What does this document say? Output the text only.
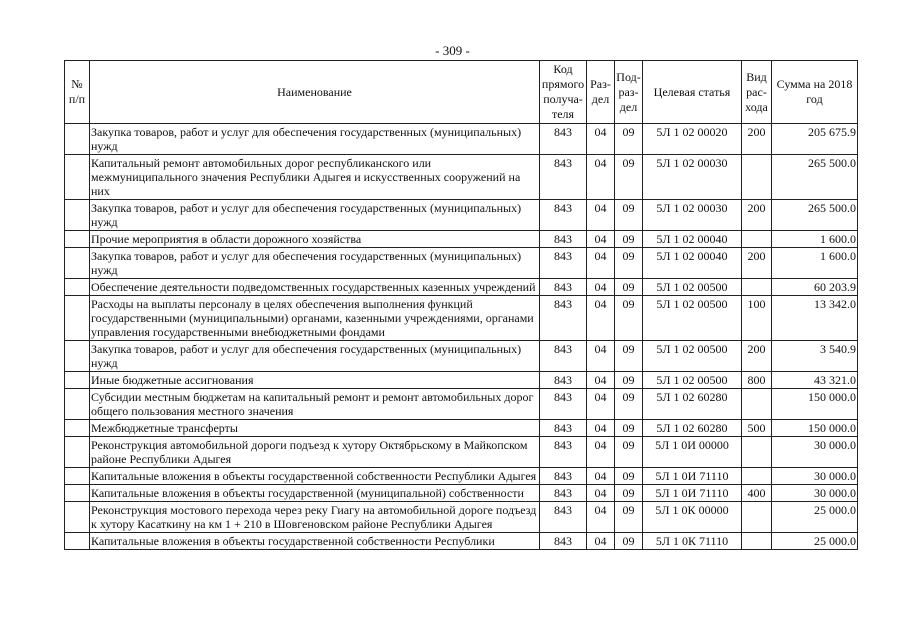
- 309 -
№ п/п	Наименование	Код прямого получа- теля	Раз- дел	Под- раз- дел	Целевая статья	Вид рас- хода	Сумма на 2018 год
	Закупка товаров, работ и услуг для обеспечения государственных (муниципальных) нужд	843	04	09	5Л 1 02 00020	200	205 675.9
	Капитальный ремонт автомобильных дорог республиканского или межмуниципального значения Республики Адыгея и искусственных сооружений на них	843	04	09	5Л 1 02 00030		265 500.0
	Закупка товаров, работ и услуг для обеспечения государственных (муниципальных) нужд	843	04	09	5Л 1 02 00030	200	265 500.0
	Прочие мероприятия в области дорожного хозяйства	843	04	09	5Л 1 02 00040		1 600.0
	Закупка товаров, работ и услуг для обеспечения государственных (муниципальных) нужд	843	04	09	5Л 1 02 00040	200	1 600.0
	Обеспечение деятельности подведомственных государственных казенных учреждений	843	04	09	5Л 1 02 00500		60 203.9
	Расходы на выплаты персоналу в целях обеспечения выполнения функций государственными (муниципальными) органами, казенными учреждениями, органами управления государственными внебюджетными фондами	843	04	09	5Л 1 02 00500	100	13 342.0
	Закупка товаров, работ и услуг для обеспечения государственных (муниципальных) нужд	843	04	09	5Л 1 02 00500	200	3 540.9
	Иные бюджетные ассигнования	843	04	09	5Л 1 02 00500	800	43 321.0
	Субсидии местным бюджетам на капитальный ремонт и ремонт автомобильных дорог общего пользования местного значения	843	04	09	5Л 1 02 60280		150 000.0
	Межбюджетные трансферты	843	04	09	5Л 1 02 60280	500	150 000.0
	Реконструкция автомобильной дороги подъезд к хутору Октябрьскому в Майкопском районе Республики Адыгея	843	04	09	5Л 1 0И 00000		30 000.0
	Капитальные вложения в объекты государственной собственности Республики Адыгея	843	04	09	5Л 1 0И 71110		30 000.0
	Капитальные вложения в объекты государственной (муниципальной) собственности	843	04	09	5Л 1 0И 71110	400	30 000.0
	Реконструкция мостового перехода через реку Гиагу на автомобильной дороге подъезд к хутору Касаткину на км 1 + 210 в Шовгеновском районе Республики Адыгея	843	04	09	5Л 1 0К 00000		25 000.0
	Капитальные вложения в объекты государственной собственности Республики	843	04	09	5Л 1 0К 71110		25 000.0
